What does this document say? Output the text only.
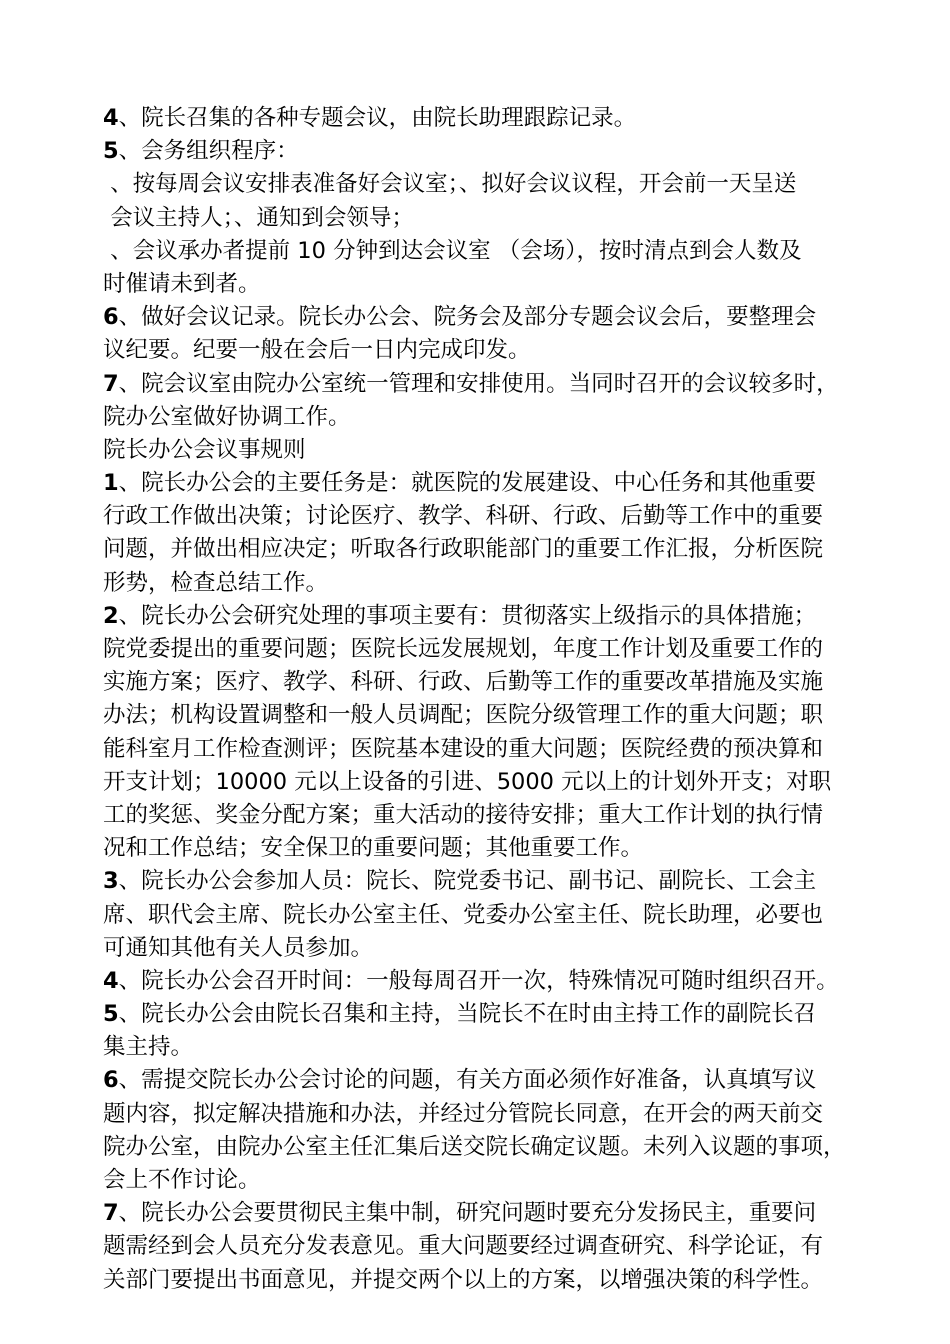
4、院长召集的各种专题会议，由院长助理跟踪记录。
5、会务组织程序：
、按每周会议安排表准备好会议室；、拟好会议议程，开会前一天呈送
会议主持人；、通知到会领导；
、会议承办者提前 10 分钟到达会议室 （会场），按时清点到会人数及
时催请未到者。
6、做好会议记录。院长办公会、院务会及部分专题会议会后，要整理会
议纪要。纪要一般在会后一日内完成印发。
7、院会议室由院办公室统一管理和安排使用。当同时召开的会议较多时，
院办公室做好协调工作。
院长办公会议事规则
1、院长办公会的主要任务是：就医院的发展建设、中心任务和其他重要
行政工作做出决策；讨论医疗、教学、科研、行政、后勤等工作中的重要
问题，并做出相应决定；听取各行政职能部门的重要工作汇报，分析医院
形势，检查总结工作。
2、院长办公会研究处理的事项主要有：贯彻落实上级指示的具体措施；
院党委提出的重要问题；医院长远发展规划，年度工作计划及重要工作的
实施方案；医疗、教学、科研、行政、后勤等工作的重要改革措施及实施
办法；机构设置调整和一般人员调配；医院分级管理工作的重大问题；职
能科室月工作检查测评；医院基本建设的重大问题；医院经费的预决算和
开支计划；10000 元以上设备的引进、5000 元以上的计划外开支；对职
工的奖惩、奖金分配方案；重大活动的接待安排；重大工作计划的执行情
况和工作总结；安全保卫的重要问题；其他重要工作。
3、院长办公会参加人员：院长、院党委书记、副书记、副院长、工会主
席、职代会主席、院长办公室主任、党委办公室主任、院长助理，必要也
可通知其他有关人员参加。
4、院长办公会召开时间：一般每周召开一次，特殊情况可随时组织召开。
5、院长办公会由院长召集和主持，当院长不在时由主持工作的副院长召
集主持。
6、需提交院长办公会讨论的问题，有关方面必须作好准备，认真填写议
题内容，拟定解决措施和办法，并经过分管院长同意，在开会的两天前交
院办公室，由院办公室主任汇集后送交院长确定议题。未列入议题的事项，
会上不作讨论。
7、院长办公会要贯彻民主集中制，研究问题时要充分发扬民主，重要问
题需经到会人员充分发表意见。重大问题要经过调查研究、科学论证，有
关部门要提出书面意见，并提交两个以上的方案，以增强决策的科学性。
